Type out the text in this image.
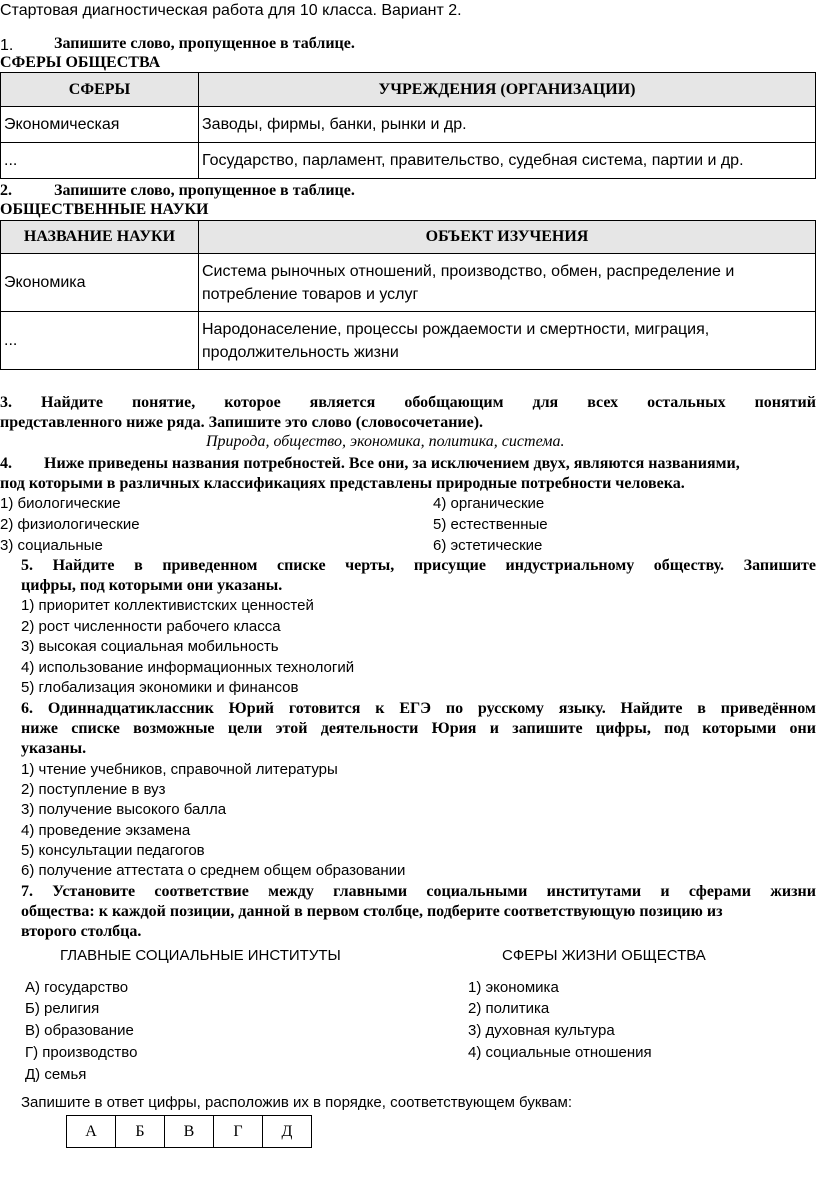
Стартовая диагностическая работа для 10 класса. Вариант 2.
1.	Запишите слово, пропущенное в таблице.
СФЕРЫ ОБЩЕСТВА
СФЕРЫ	УЧРЕЖДЕНИЯ (ОРГАНИЗАЦИИ)
Экономическая	Заводы, фирмы, банки, рынки и др.
...	Государство, парламент, правительство, судебная система, партии и др.
2.	Запишите слово, пропущенное в таблице.
ОБЩЕСТВЕННЫЕ НАУКИ
НАЗВАНИЕ НАУКИ	ОБЪЕКТ ИЗУЧЕНИЯ
Экономика	Система рыночных отношений, производство, обмен, распределение и
потребление товаров и услуг

...	Народонаселение, процессы рождаемости и смертности, миграция,
продолжительность жизни
3. Найдите понятие, которое является обобщающим для всех остальных понятий
представленного ниже ряда. Запишите это слово (словосочетание).
Природа, общество, экономика, политика, система.
4.        Ниже приведены названия потребностей. Все они, за исключением двух, являются названиями,
под которыми в различных классификациях представлены природные потребности человека.
1) биологические
2) физиологические
3) социальные
4) органические
5) естественные
6) эстетические
5. Найдите в приведенном списке черты, присущие индустриальному обществу. Запишите
цифры, под которыми они указаны.
1) приоритет коллективистских ценностей
2) рост численности рабочего класса
3) высокая социальная мобильность
4) использование информационных технологий
5) глобализация экономики и финансов
6. Одиннадцатиклассник Юрий готовится к ЕГЭ по русскому языку. Найдите в приведённом
ниже списке возможные цели этой деятельности Юрия и запишите цифры, под которыми они
указаны.
1) чтение учебников, справочной литературы
2) поступление в вуз
3) получение высокого балла
4) проведение экзамена
5) консультации педагогов
6) получение аттестата о среднем общем образовании
7. Установите соответствие между главными социальными институтами и сферами жизни
общества: к каждой позиции, данной в первом столбце, подберите соответствующую позицию из
второго столбца.
ГЛАВНЫЕ СОЦИАЛЬНЫЕ ИНСТИТУТЫ	СФЕРЫ ЖИЗНИ ОБЩЕСТВА
А) государство
Б) религия
В) образование
Г) производство
Д) семья
1) экономика
2) политика
3) духовная культура
4) социальные отношения
Запишите в ответ цифры, расположив их в порядке, соответствующем буквам:
А	Б	В	Г	Д
